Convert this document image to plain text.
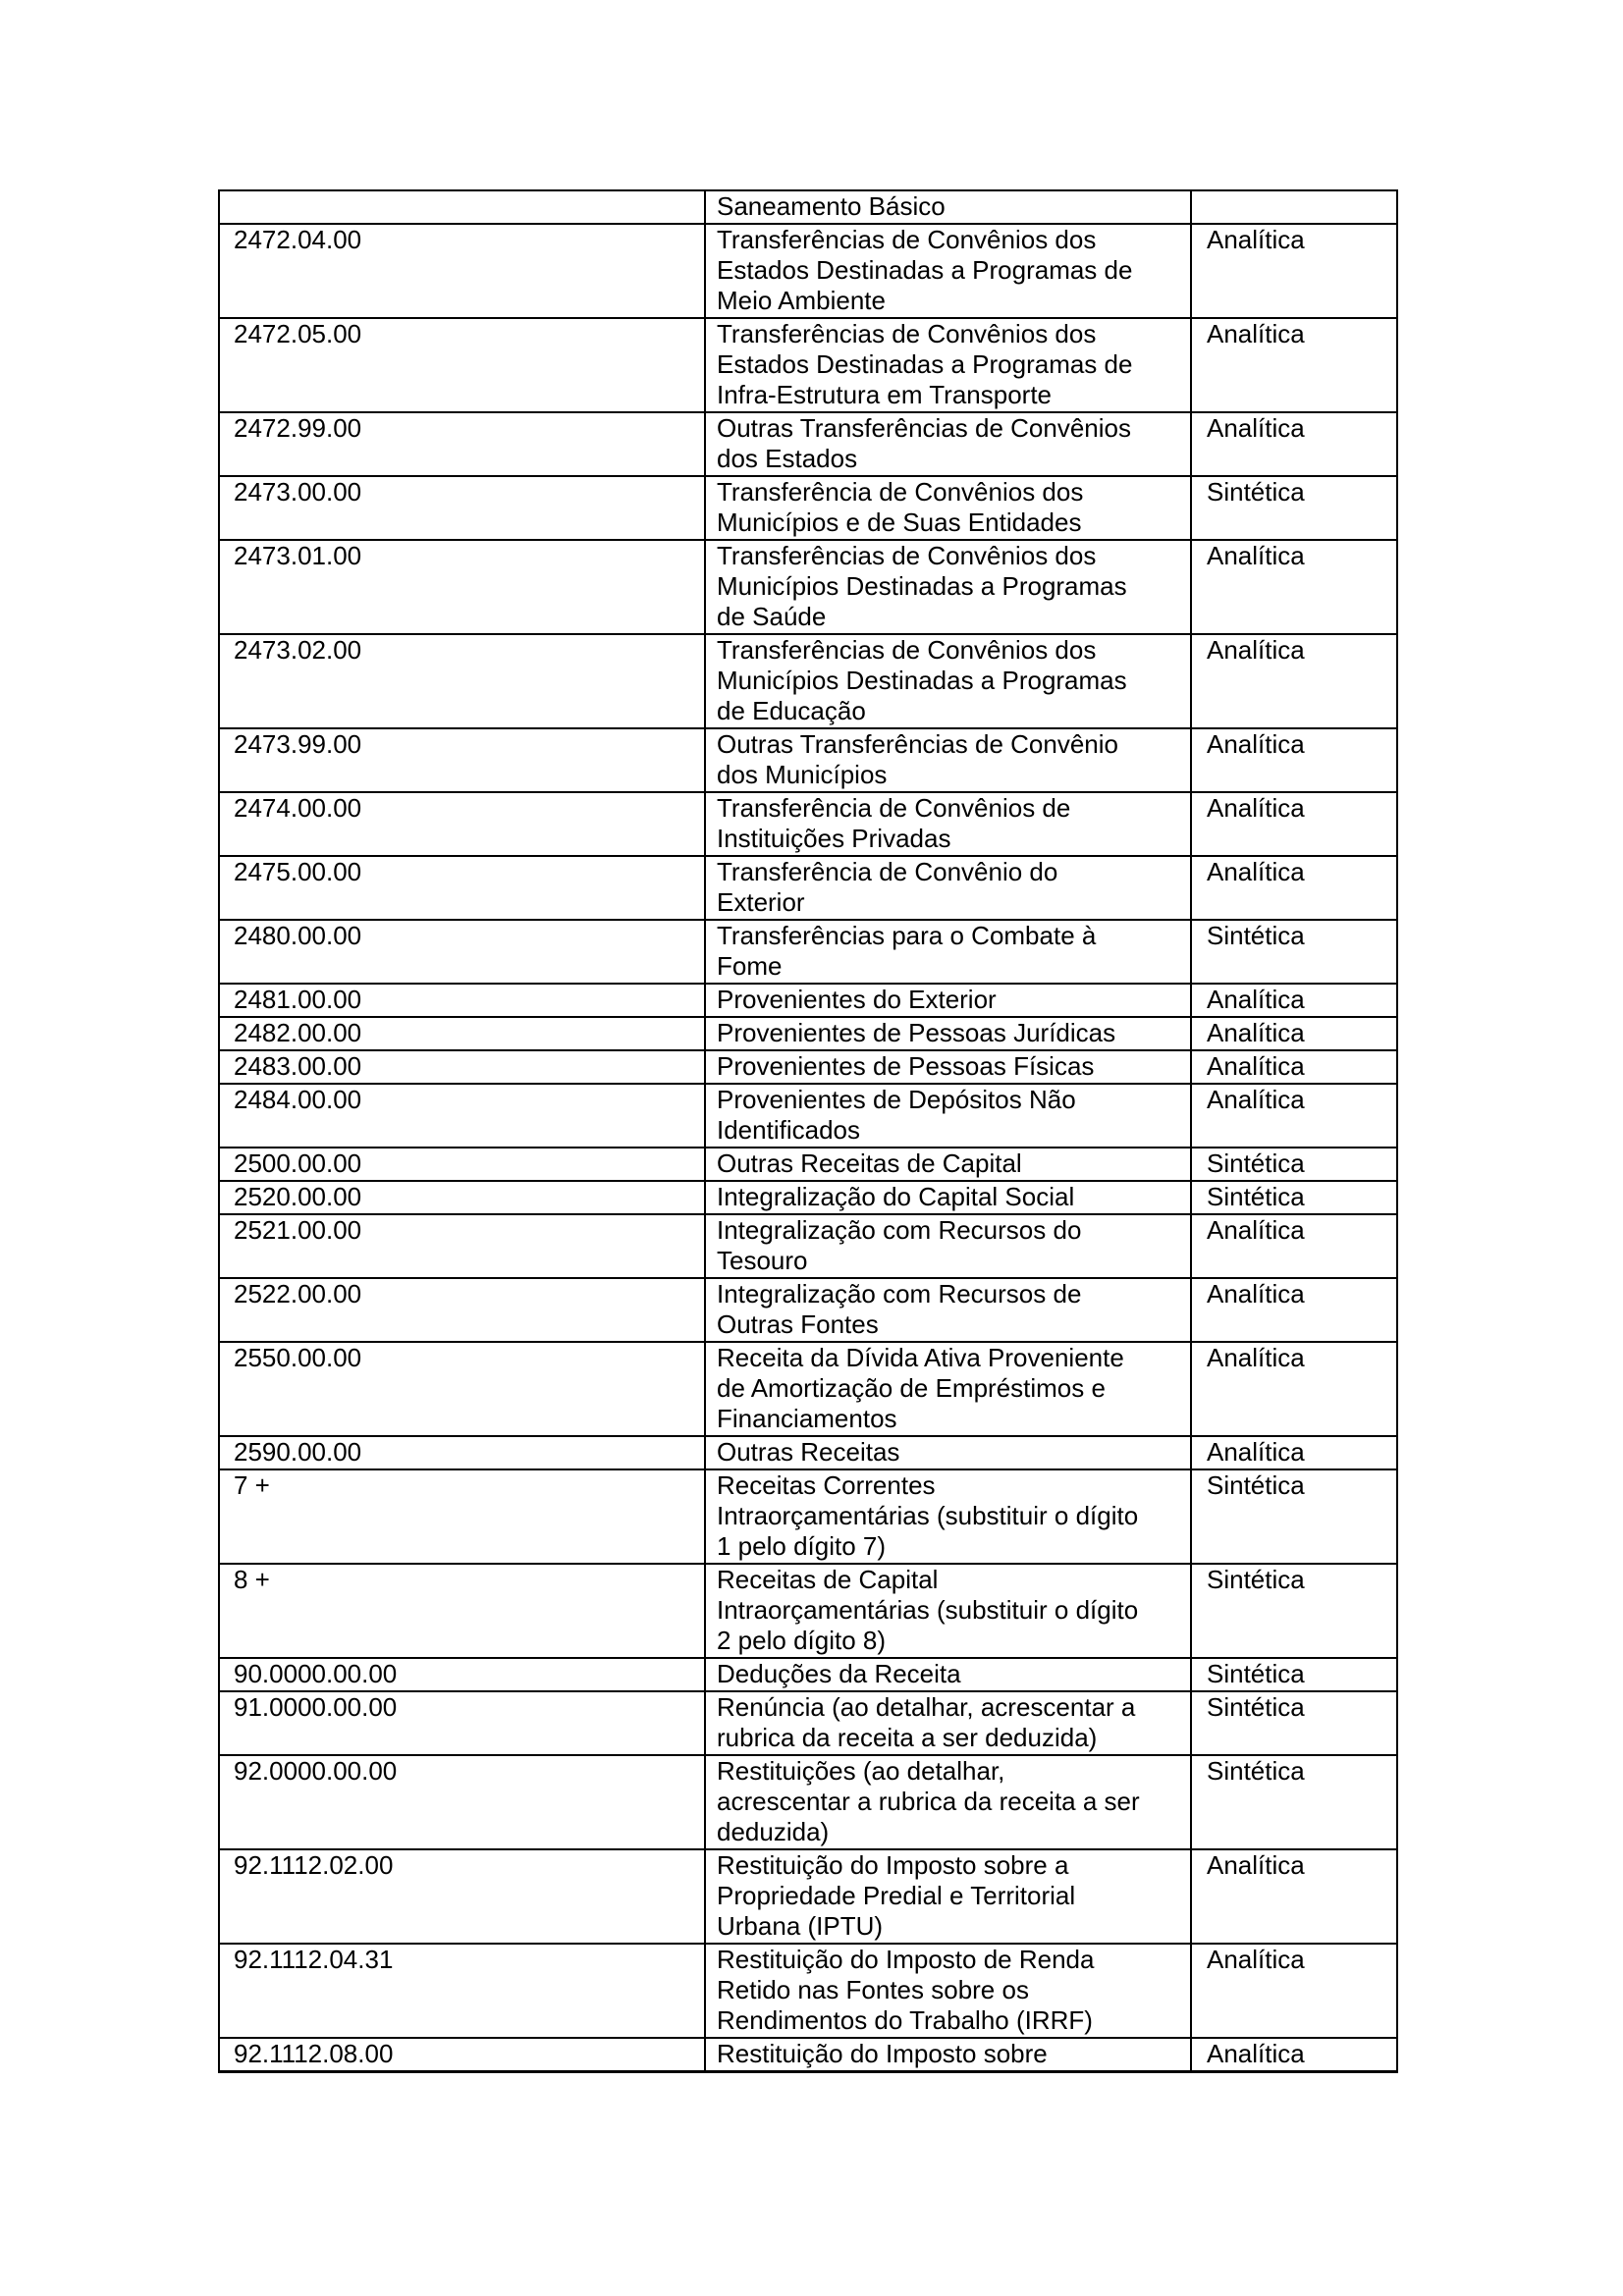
	Saneamento Básico	
2472.04.00	Transferências de Convênios dos Estados Destinadas a Programas de Meio Ambiente	Analítica
2472.05.00	Transferências de Convênios dos Estados Destinadas a Programas de Infra-Estrutura em Transporte	Analítica
2472.99.00	Outras Transferências de Convênios dos Estados	Analítica
2473.00.00	Transferência de Convênios dos Municípios e de Suas Entidades	Sintética
2473.01.00	Transferências de Convênios dos Municípios Destinadas a Programas de Saúde	Analítica
2473.02.00	Transferências de Convênios dos Municípios Destinadas a Programas de Educação	Analítica
2473.99.00	Outras Transferências de Convênio dos Municípios	Analítica
2474.00.00	Transferência de Convênios de Instituições Privadas	Analítica
2475.00.00	Transferência de Convênio do Exterior	Analítica
2480.00.00	Transferências para o Combate à Fome	Sintética
2481.00.00	Provenientes do Exterior	Analítica
2482.00.00	Provenientes de Pessoas Jurídicas	Analítica
2483.00.00	Provenientes de Pessoas Físicas	Analítica
2484.00.00	Provenientes de Depósitos Não Identificados	Analítica
2500.00.00	Outras Receitas de Capital	Sintética
2520.00.00	Integralização do Capital Social	Sintética
2521.00.00	Integralização com Recursos do Tesouro	Analítica
2522.00.00	Integralização com Recursos de Outras Fontes	Analítica
2550.00.00	Receita da Dívida Ativa Proveniente de Amortização de Empréstimos e Financiamentos	Analítica
2590.00.00	Outras Receitas	Analítica
7 +	Receitas Correntes Intraorçamentárias (substituir o dígito 1 pelo dígito 7)	Sintética
8 +	Receitas de Capital Intraorçamentárias (substituir o dígito 2 pelo dígito 8)	Sintética
90.0000.00.00	Deduções da Receita	Sintética
91.0000.00.00	Renúncia (ao detalhar, acrescentar a rubrica da receita a ser deduzida)	Sintética
92.0000.00.00	Restituições (ao detalhar, acrescentar a rubrica da receita a ser deduzida)	Sintética
92.1112.02.00	Restituição do Imposto sobre a Propriedade Predial e Territorial Urbana (IPTU)	Analítica
92.1112.04.31	Restituição do Imposto de Renda Retido nas Fontes sobre os Rendimentos do Trabalho (IRRF)	Analítica
92.1112.08.00	Restituição do Imposto sobre	Analítica
